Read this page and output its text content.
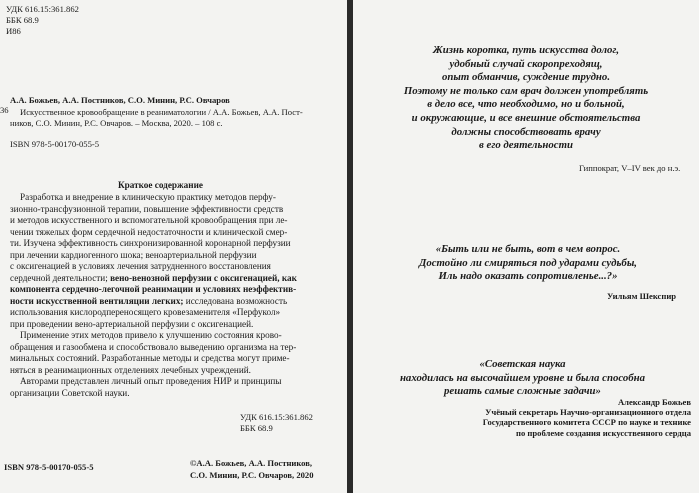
УДК 616.15:361.862
ББК 68.9
И86
36
А.А. Божьев, А.А. Постников, С.О. Минин, Р.С. Овчаров
Искусственное кровообращение в реаниматологии / А.А. Божьев, А.А. Пост-
ников, С.О. Минин, Р.С. Овчаров. – Москва, 2020. – 108 с.
ISBN 978-5-00170-055-5
Краткое содержание
Разработка и внедрение в клиническую практику методов перфу-
зионно-трансфузионной терапии, повышение эффективности средств
и методов искусственного и вспомогательной кровообращения при ле-
чении тяжелых форм сердечной недостаточности и клинической смер-
ти. Изучена эффективность синхронизированной коронарной перфузии
при лечении кардиогенного шока; веноартериальной перфузии
с оксигенацией в условиях лечения затрудненного восстановления
сердечной деятельности; вено-венозной перфузии с оксигенацией, как
компонента сердечно-легочной реанимации и условиях неэффектив-
ности искусственной вентиляции легких; исследована возможность
использования кислородпереносящего кровезаменителя «Перфукол»
при проведении вено-артериальной перфузии с оксигенацией.
Применение этих методов привело к улучшению состояния крово-
обращения и газообмена и способствовало выведению организма на тер-
минальных состояний. Разработанные методы и средства могут приме-
няться в реанимационных отделениях лечебных учреждений.
Авторами представлен личный опыт проведения НИР и принципы
организации Советской науки.
УДК 616.15:361.862
ББК 68.9
ISBN 978-5-00170-055-5	©А.А. Божьев, А.А. Постников,
С.О. Минин, Р.С. Овчаров, 2020
Жизнь коротка, путь искусства долог,
удобный случай скоропреходящ,
опыт обманчив, суждение трудно.
Поэтому не только сам врач должен употреблять
в дело все, что необходимо, но и больной,
и окружающие, и все внешние обстоятельства
должны способствовать врачу
в его деятельности
Гиппократ, V–IV век до н.э.
«Быть или не быть, вот в чем вопрос.
Достойно ли смиряться под ударами судьбы,
Иль надо оказать сопротивленье...?»
Уильям Шекспир
«Советская наука
находилась на высочайшем уровне и была способна
решать самые сложные задачи»
Александр Божьев
Учёный секретарь Научно-организационного отдела
Государственного комитета СССР по науке и технике
по проблеме создания искусственного сердца
